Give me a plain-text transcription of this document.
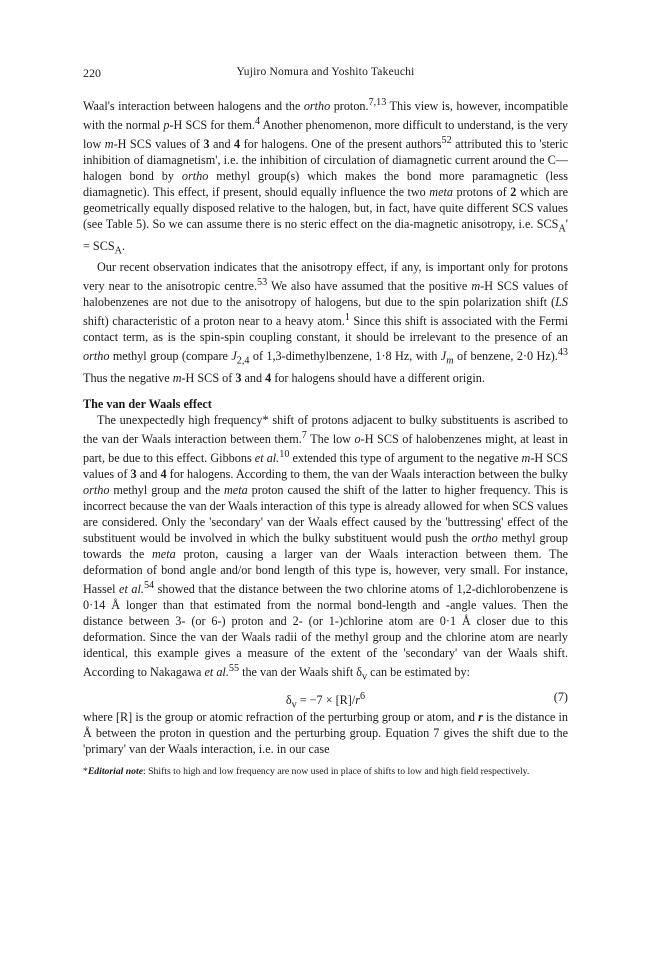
220	Yujiro Nomura and Yoshito Takeuchi

Waal's interaction between halogens and the ortho proton.$^{7,13}$ This view is, however, incompatible with the normal p-H SCS for them.$^4$ Another phenomenon, more difficult to understand, is the very low m-H SCS values of 3 and 4 for halogens. One of the present authors$^{52}$ attributed this to 'steric inhibition of diamagnetism', i.e. the inhibition of circulation of diamagnetic current around the C—halogen bond by ortho methyl group(s) which makes the bond more paramagnetic (less diamagnetic). This effect, if present, should equally influence the two meta protons of 2 which are geometrically equally disposed relative to the halogen, but, in fact, have quite different SCS values (see Table 5). So we can assume there is no steric effect on the dia-magnetic anisotropy, i.e. $SCS_A' = SCS_A$.

Our recent observation indicates that the anisotropy effect, if any, is important only for protons very near to the anisotropic centre.$^{53}$ We also have assumed that the positive m-H SCS values of halobenzenes are not due to the anisotropy of halogens, but due to the spin polarization shift (LS shift) characteristic of a proton near to a heavy atom.$^1$ Since this shift is associated with the Fermi contact term, as is the spin-spin coupling constant, it should be irrelevant to the presence of an ortho methyl group (compare $J_{2,4}$ of 1,3-dimethylbenzene, 1·8 Hz, with $J_m$ of benzene, 2·0 Hz).$^{43}$ Thus the negative m-H SCS of 3 and 4 for halogens should have a different origin.

The van der Waals effect

The unexpectedly high frequency* shift of protons adjacent to bulky substituents is ascribed to the van der Waals interaction between them.$^7$ The low o-H SCS of halobenzenes might, at least in part, be due to this effect. Gibbons et al.$^{10}$ extended this type of argument to the negative m-H SCS values of 3 and 4 for halogens. According to them, the van der Waals interaction between the bulky ortho methyl group and the meta proton caused the shift of the latter to higher frequency. This is incorrect because the van der Waals interaction of this type is already allowed for when SCS values are considered. Only the 'secondary' van der Waals effect caused by the 'buttressing' effect of the substituent would be involved in which the bulky substituent would push the ortho methyl group towards the meta proton, causing a larger van der Waals interaction between them. The deformation of bond angle and/or bond length of this type is, however, very small. For instance, Hassel et al.$^{54}$ showed that the distance between the two chlorine atoms of 1,2-dichlorobenzene is 0·14 Å longer than that estimated from the normal bond-length and -angle values. Then the distance between 3- (or 6-) proton and 2- (or 1-)chlorine atom are 0·1 Å closer due to this deformation. Since the van der Waals radii of the methyl group and the chlorine atom are nearly identical, this example gives a measure of the extent of the 'secondary' van der Waals shift. According to Nakagawa et al.$^{55}$ the van der Waals shift $\delta_v$ can be estimated by:

$\delta_v = -7 \times [R]/r^6$	(7)

where [R] is the group or atomic refraction of the perturbing group or atom, and r is the distance in Å between the proton in question and the perturbing group. Equation 7 gives the shift due to the 'primary' van der Waals interaction, i.e. in our case

*Editorial note: Shifts to high and low frequency are now used in place of shifts to low and high field respectively.
